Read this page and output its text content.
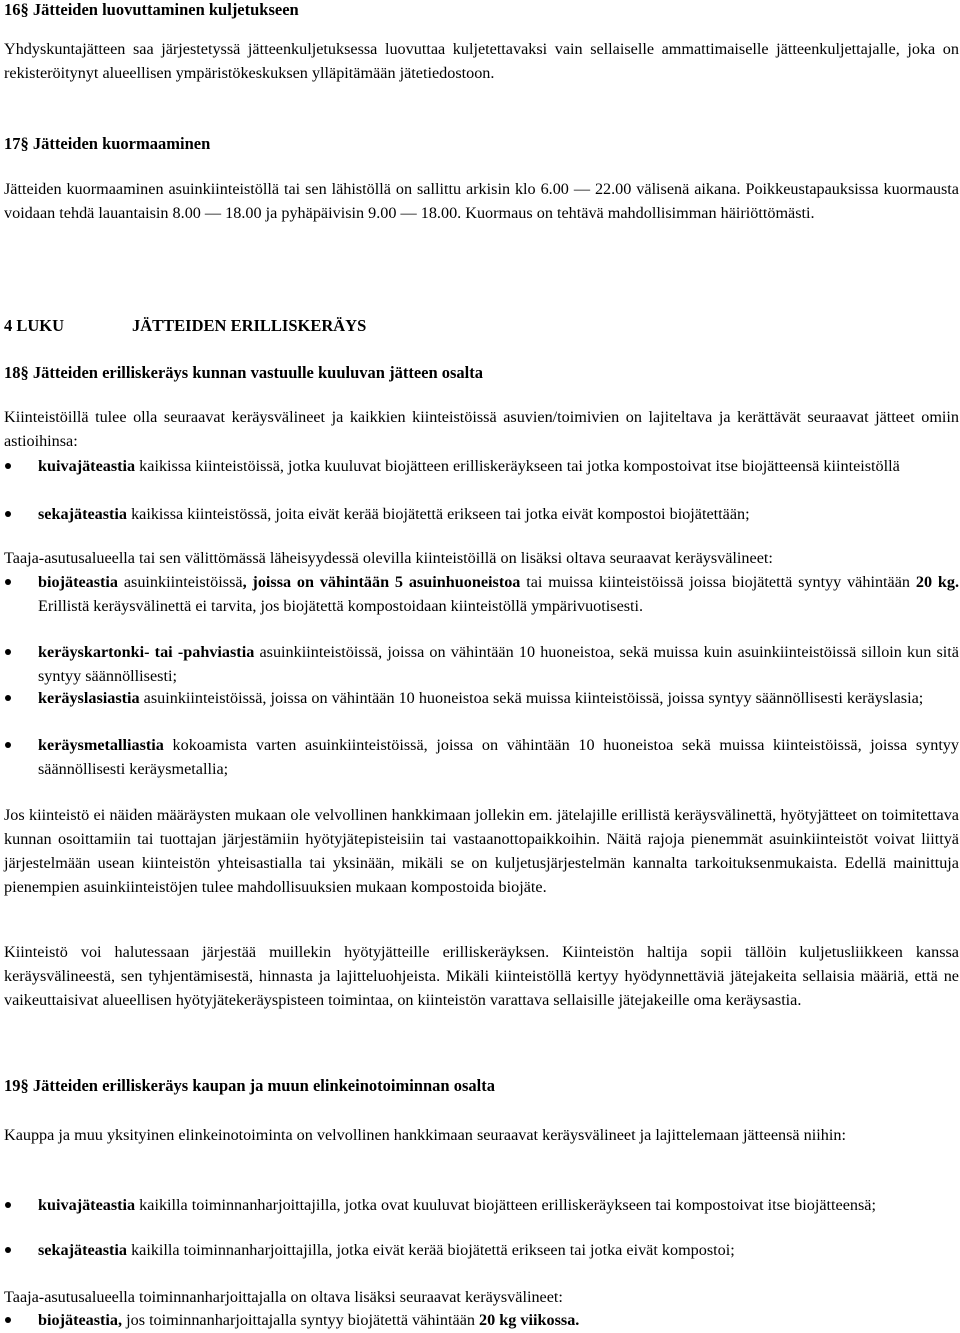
16§ Jätteiden luovuttaminen kuljetukseen

Yhdyskuntajätteen saa järjestetyssä jätteenkuljetuksessa luovuttaa kuljetettavaksi vain sellaiselle ammattimaiselle jätteenkuljettajalle, joka on rekisteröitynyt alueellisen ympäristökeskuksen ylläpitämään jätetiedostoon.

17§ Jätteiden kuormaaminen

Jätteiden kuormaaminen asuinkiinteistöllä tai sen lähistöllä on sallittu arkisin klo 6.00 — 22.00 välisenä aikana. Poikkeustapauksissa kuormausta voidaan tehdä lauantaisin 8.00 — 18.00 ja pyhäpäivisin 9.00 — 18.00. Kuormaus on tehtävä mahdollisimman häiriöttömästi.

4 LUKU	JÄTTEIDEN ERILLISKERÄYS

18§ Jätteiden erilliskeräys kunnan vastuulle kuuluvan jätteen osalta

Kiinteistöillä tulee olla seuraavat keräysvälineet ja kaikkien kiinteistöissä asuvien/toimivien on lajiteltava ja kerättävät seuraavat jätteet omiin astioihinsa:

kuivajäteastia kaikissa kiinteistöissä, jotka kuuluvat biojätteen erilliskeräykseen tai jotka kompostoivat itse biojätteensä kiinteistöllä
sekajäteastia kaikissa kiinteistössä, joita eivät kerää biojätettä erikseen tai jotka eivät kompostoi biojätettään;

Taaja-asutusalueella tai sen välittömässä läheisyydessä olevilla kiinteistöillä on lisäksi oltava seuraavat keräysvälineet:

biojäteastia asuinkiinteistöissä, joissa on vähintään 5 asuinhuoneistoa tai muissa kiinteistöissä joissa biojätettä syntyy vähintään 20 kg. Erillistä keräysvälinettä ei tarvita, jos biojätettä kompostoidaan kiinteistöllä ympärivuotisesti.
keräyskartonki- tai -pahviastia asuinkiinteistöissä, joissa on vähintään 10 huoneistoa, sekä muissa kuin asuinkiinteistöissä silloin kun sitä syntyy säännöllisesti;
keräyslasiastia asuinkiinteistöissä, joissa on vähintään 10 huoneistoa sekä muissa kiinteistöissä, joissa syntyy säännöllisesti keräyslasia;
keräysmetalliastia kokoamista varten asuinkiinteistöissä, joissa on vähintään 10 huoneistoa sekä muissa kiinteistöissä, joissa syntyy säännöllisesti keräysmetallia;

Jos kiinteistö ei näiden määräysten mukaan ole velvollinen hankkimaan jollekin em. jätelajille erillistä keräysvälinettä, hyötyjätteet on toimitettava kunnan osoittamiin tai tuottajan järjestämiin hyötyjätepisteisiin tai vastaanottopaikkoihin. Näitä rajoja pienemmät asuinkiinteistöt voivat liittyä järjestelmään usean kiinteistön yhteisastialla tai yksinään, mikäli se on kuljetusjärjestelmän kannalta tarkoituksenmukaista. Edellä mainittuja pienempien asuinkiinteistöjen tulee mahdollisuuksien mukaan kompostoida biojäte.

Kiinteistö voi halutessaan järjestää muillekin hyötyjätteille erilliskeräyksen. Kiinteistön haltija sopii tällöin kuljetusliikkeen kanssa keräysvälineestä, sen tyhjentämisestä, hinnasta ja lajitteluohjeista. Mikäli kiinteistöllä kertyy hyödynnettäviä jätejakeita sellaisia määriä, että ne vaikeuttaisivat alueellisen hyötyjätekeräyspisteen toimintaa, on kiinteistön varattava sellaisille jätejakeille oma keräysastia.

19§ Jätteiden erilliskeräys kaupan ja muun elinkeinotoiminnan osalta

Kauppa ja muu yksityinen elinkeinotoiminta on velvollinen hankkimaan seuraavat keräysvälineet ja lajittelemaan jätteensä niihin:

kuivajäteastia kaikilla toiminnanharjoittajilla, jotka ovat kuuluvat biojätteen erilliskeräykseen tai kompostoivat itse biojätteensä;
sekajäteastia kaikilla toiminnanharjoittajilla, jotka eivät kerää biojätettä erikseen tai jotka eivät kompostoi;

Taaja-asutusalueella toiminnanharjoittajalla on oltava lisäksi seuraavat keräysvälineet:

biojäteastia, jos toiminnanharjoittajalla syntyy biojätettä vähintään 20 kg viikossa.
